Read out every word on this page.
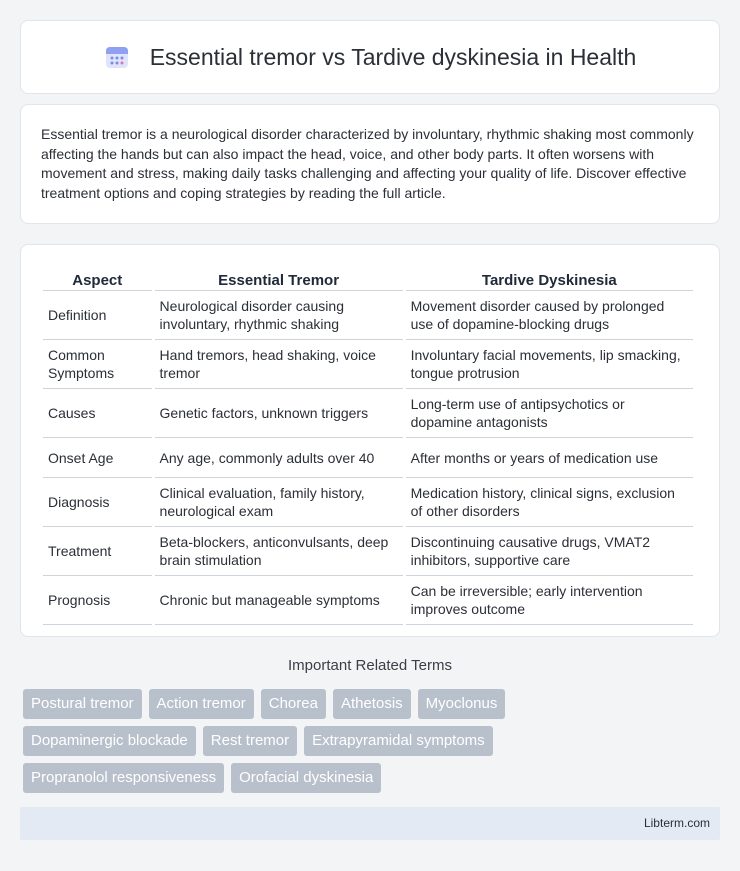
Essential tremor vs Tardive dyskinesia in Health

Essential tremor is a neurological disorder characterized by involuntary, rhythmic shaking most commonly affecting the hands but can also impact the head, voice, and other body parts. It often worsens with movement and stress, making daily tasks challenging and affecting your quality of life. Discover effective treatment options and coping strategies by reading the full article.

Aspect	Essential Tremor	Tardive Dyskinesia
Definition	Neurological disorder causing involuntary, rhythmic shaking	Movement disorder caused by prolonged use of dopamine-blocking drugs
Common Symptoms	Hand tremors, head shaking, voice tremor	Involuntary facial movements, lip smacking, tongue protrusion
Causes	Genetic factors, unknown triggers	Long-term use of antipsychotics or dopamine antagonists
Onset Age	Any age, commonly adults over 40	After months or years of medication use
Diagnosis	Clinical evaluation, family history, neurological exam	Medication history, clinical signs, exclusion of other disorders
Treatment	Beta-blockers, anticonvulsants, deep brain stimulation	Discontinuing causative drugs, VMAT2 inhibitors, supportive care
Prognosis	Chronic but manageable symptoms	Can be irreversible; early intervention improves outcome
Important Related Terms
Postural tremor	Action tremor	Chorea	Athetosis	Myoclonus
Dopaminergic blockade	Rest tremor	Extrapyramidal symptoms
Propranolol responsiveness	Orofacial dyskinesia
Libterm.com
